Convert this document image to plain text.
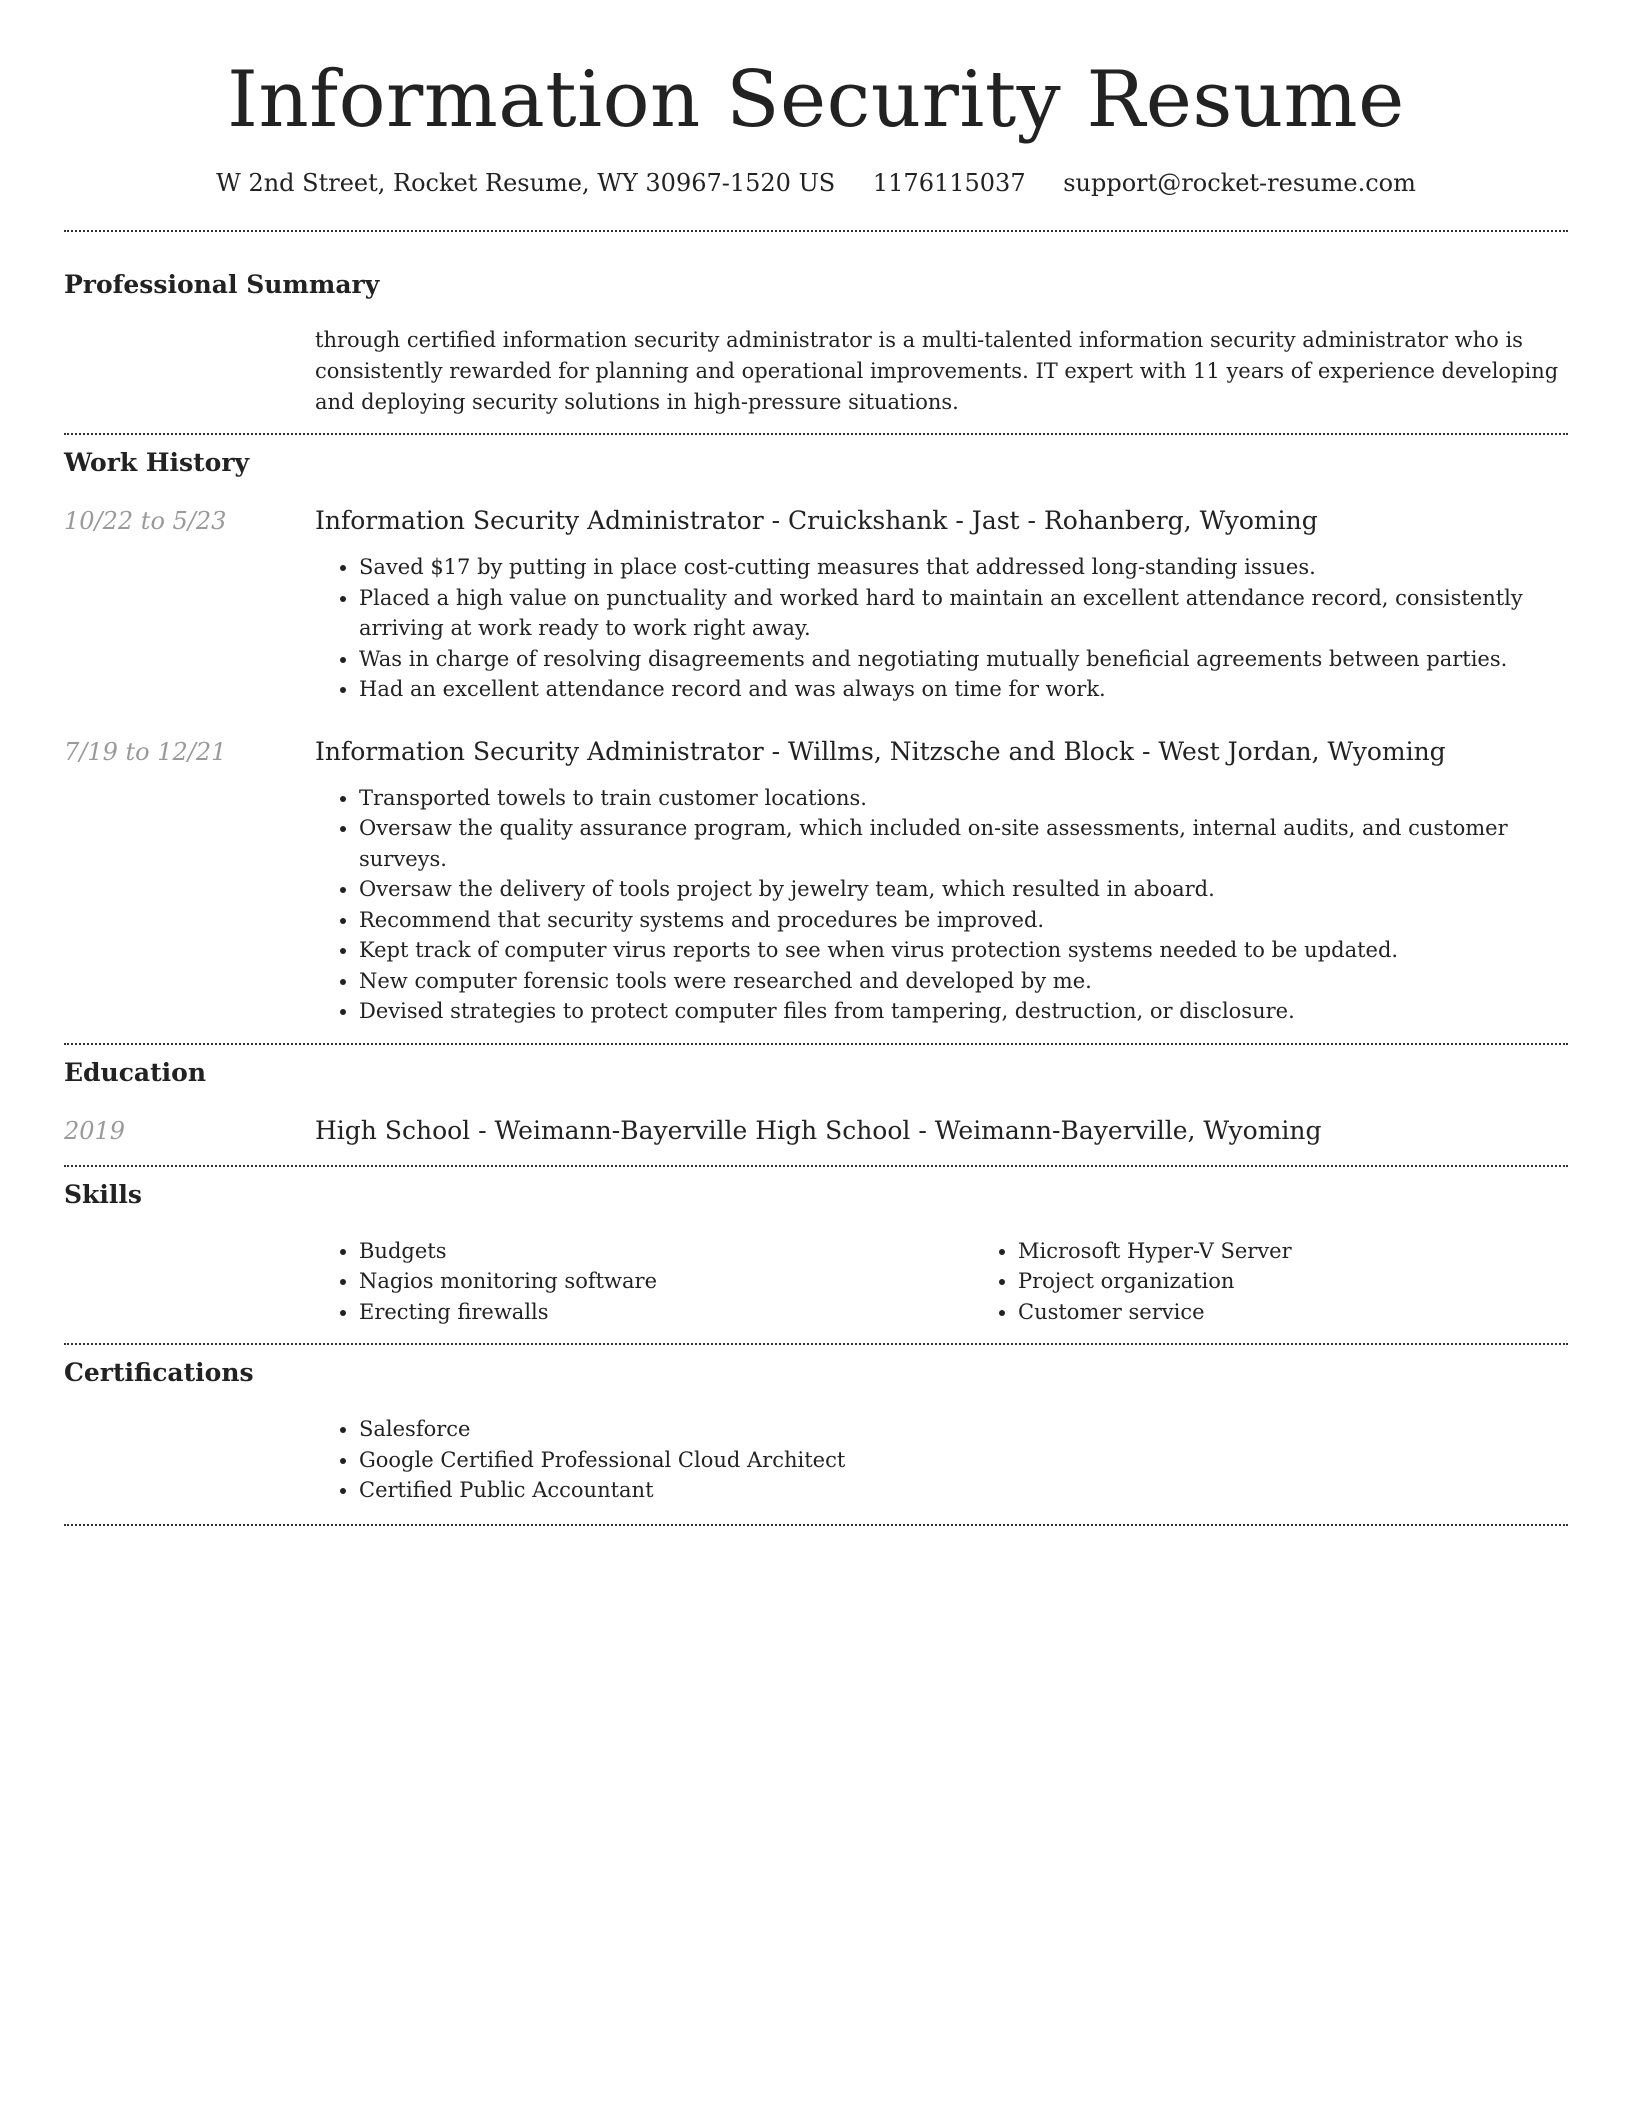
Information Security Resume
W 2nd Street, Rocket Resume, WY 30967-1520 US 1176115037 support@rocket-resume.com
Professional Summary

through certified information security administrator is a multi-talented information security administrator who is consistently rewarded for planning and operational improvements. IT expert with 11 years of experience developing and deploying security solutions in high-pressure situations.

Work History
10/22 to 5/23	Information Security Administrator - Cruickshank - Jast - Rohanberg, Wyoming
• Saved $17 by putting in place cost-cutting measures that addressed long-standing issues.
• Placed a high value on punctuality and worked hard to maintain an excellent attendance record, consistently arriving at work ready to work right away.
• Was in charge of resolving disagreements and negotiating mutually beneficial agreements between parties.
• Had an excellent attendance record and was always on time for work.
7/19 to 12/21	Information Security Administrator - Willms, Nitzsche and Block - West Jordan, Wyoming
• Transported towels to train customer locations.
• Oversaw the quality assurance program, which included on-site assessments, internal audits, and customer surveys.
• Oversaw the delivery of tools project by jewelry team, which resulted in aboard.
• Recommend that security systems and procedures be improved.
• Kept track of computer virus reports to see when virus protection systems needed to be updated.
• New computer forensic tools were researched and developed by me.
• Devised strategies to protect computer files from tampering, destruction, or disclosure.
Education
2019	High School - Weimann-Bayerville High School - Weimann-Bayerville, Wyoming
Skills
• Budgets
• Nagios monitoring software
• Erecting firewalls
• Microsoft Hyper-V Server
• Project organization
• Customer service
Certifications
• Salesforce
• Google Certified Professional Cloud Architect
• Certified Public Accountant
